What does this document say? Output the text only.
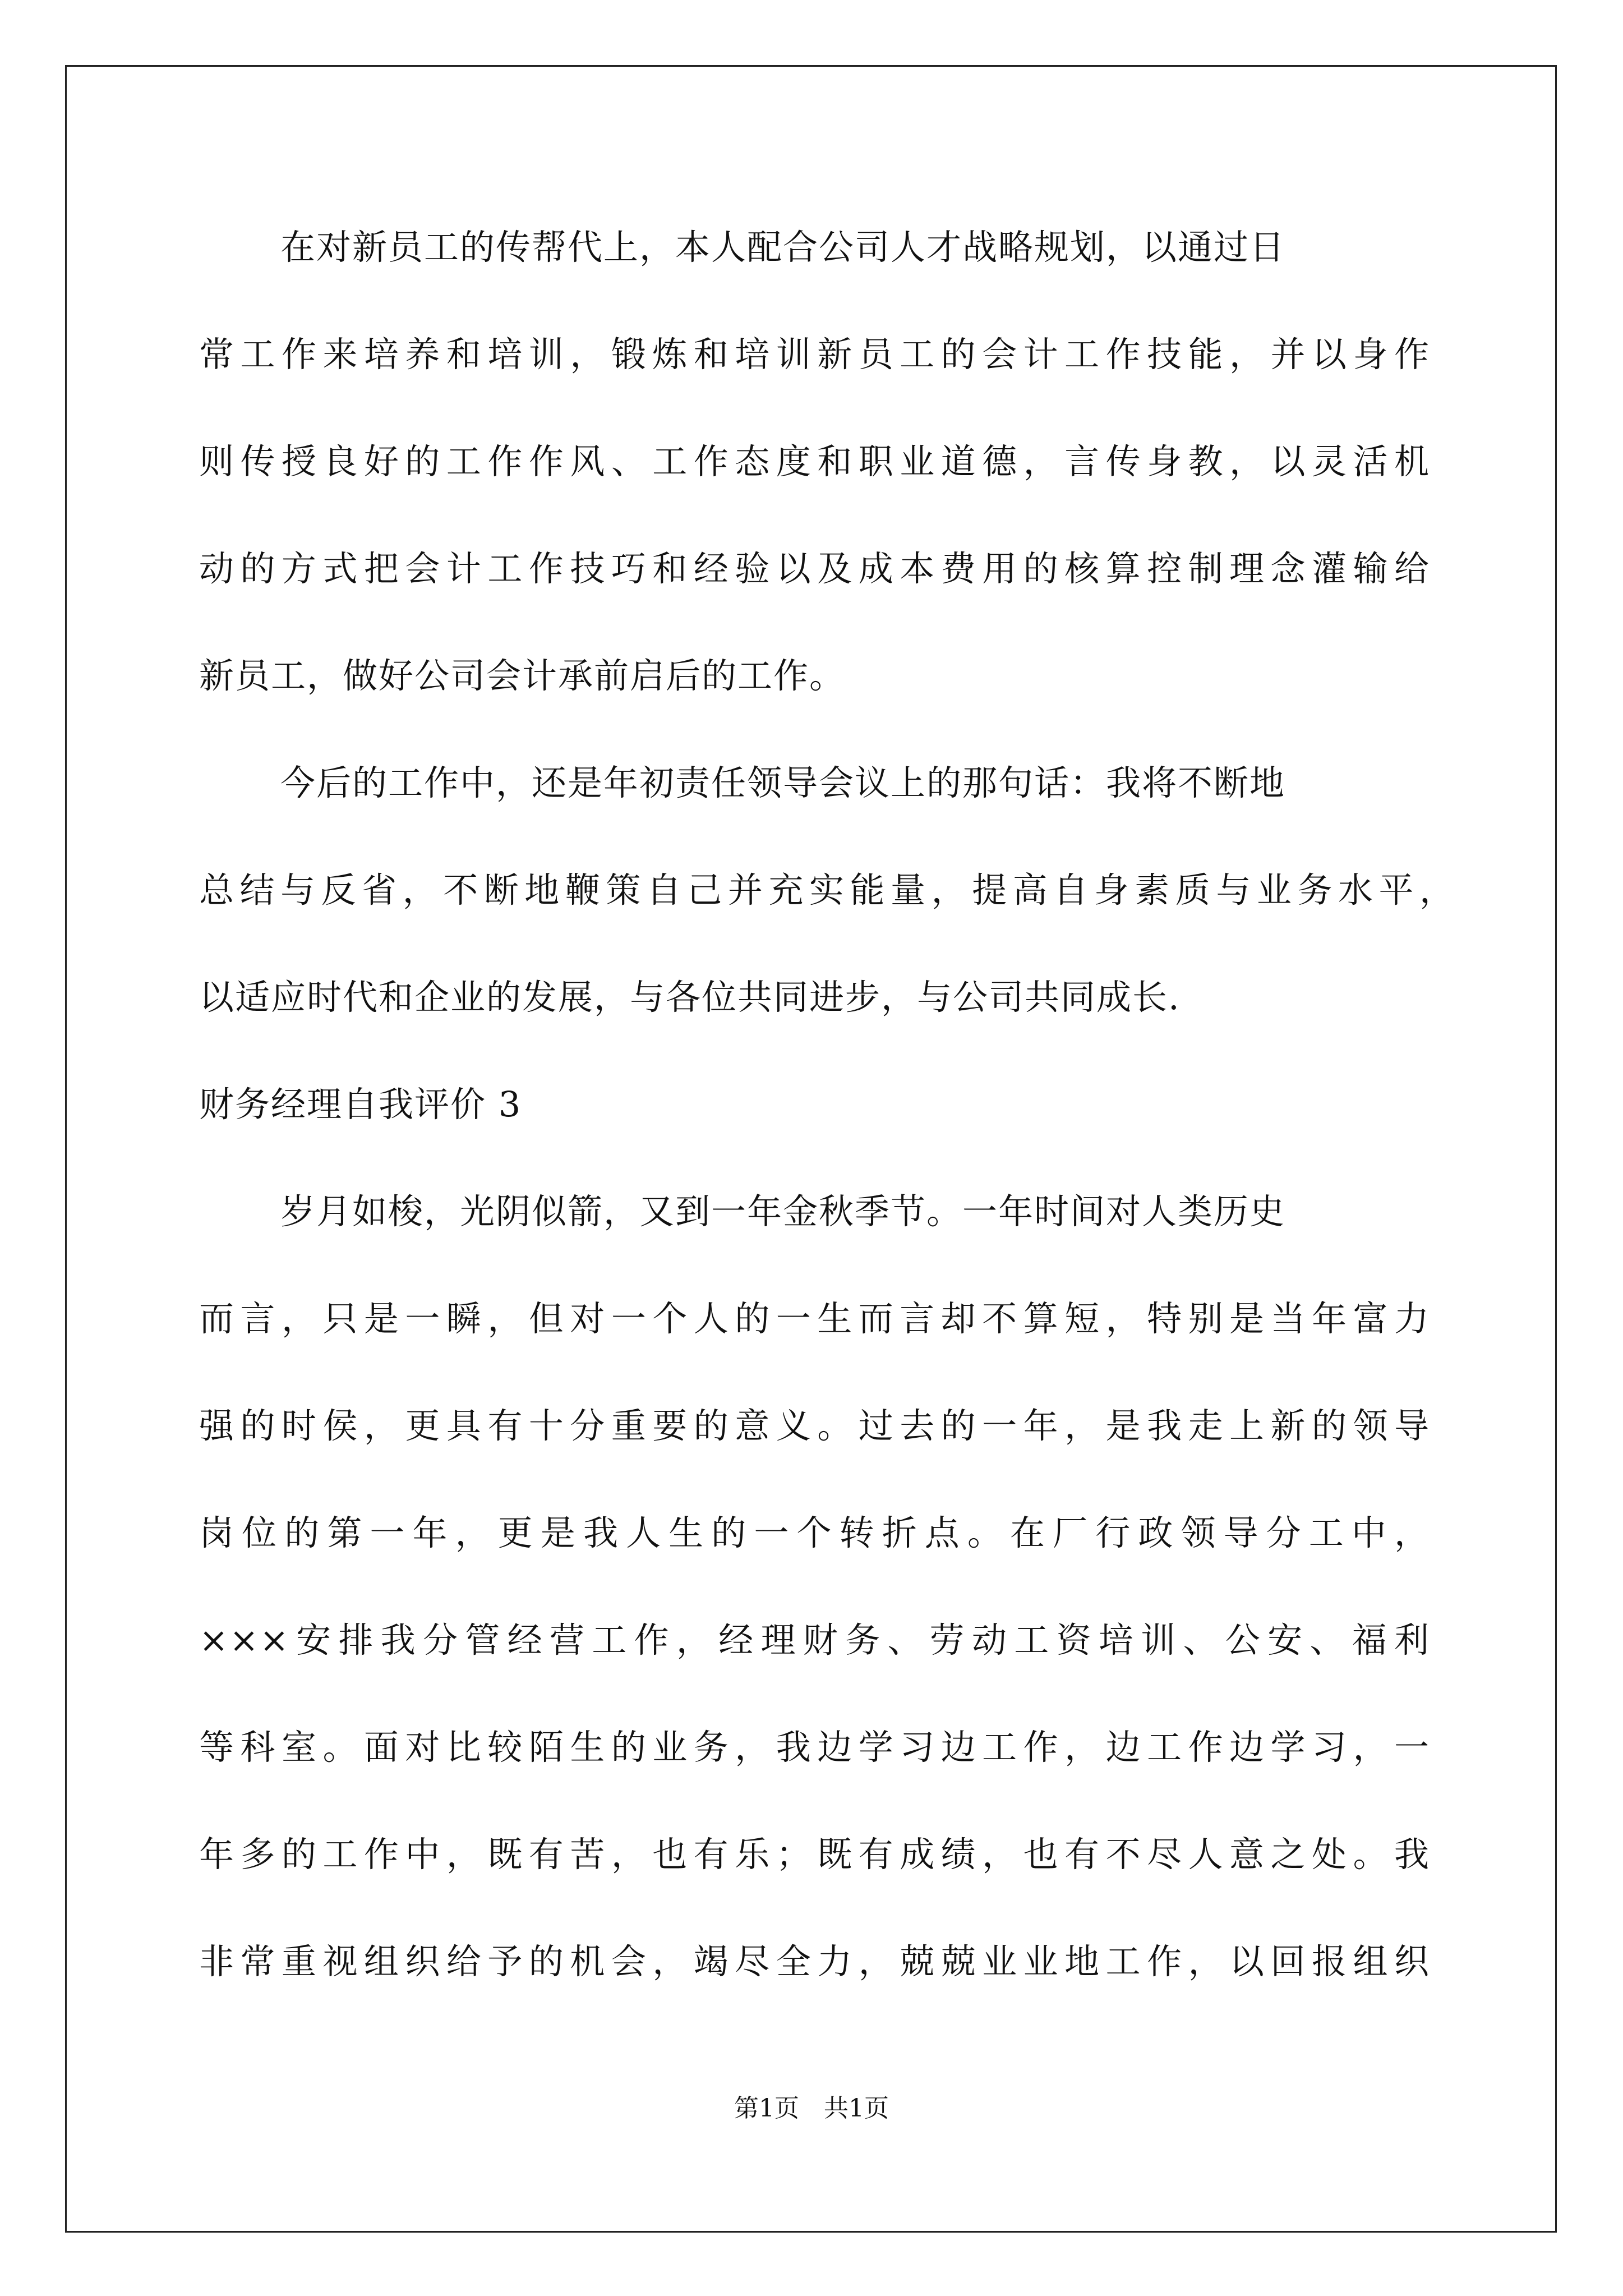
在对新员工的传帮代上，本人配合公司人才战略规划，以通过日
常工作来培养和培训，锻炼和培训新员工的会计工作技能，并以身作
则传授良好的工作作风、工作态度和职业道德，言传身教，以灵活机
动的方式把会计工作技巧和经验以及成本费用的核算控制理念灌输给
新员工，做好公司会计承前启后的工作。
今后的工作中，还是年初责任领导会议上的那句话：我将不断地
总结与反省，不断地鞭策自己并充实能量，提高自身素质与业务水平，
以适应时代和企业的发展，与各位共同进步，与公司共同成长.
财务经理自我评价 3
岁月如梭，光阴似箭，又到一年金秋季节。一年时间对人类历史
而言，只是一瞬，但对一个人的一生而言却不算短，特别是当年富力
强的时侯，更具有十分重要的意义。过去的一年，是我走上新的领导
岗位的第一年，更是我人生的一个转折点。在厂行政领导分工中，
×××安排我分管经营工作，经理财务、劳动工资培训、公安、福利
等科室。面对比较陌生的业务，我边学习边工作，边工作边学习，一
年多的工作中，既有苦，也有乐；既有成绩，也有不尽人意之处。我
非常重视组织给予的机会，竭尽全力，兢兢业业地工作，以回报组织
第1页　共1页
